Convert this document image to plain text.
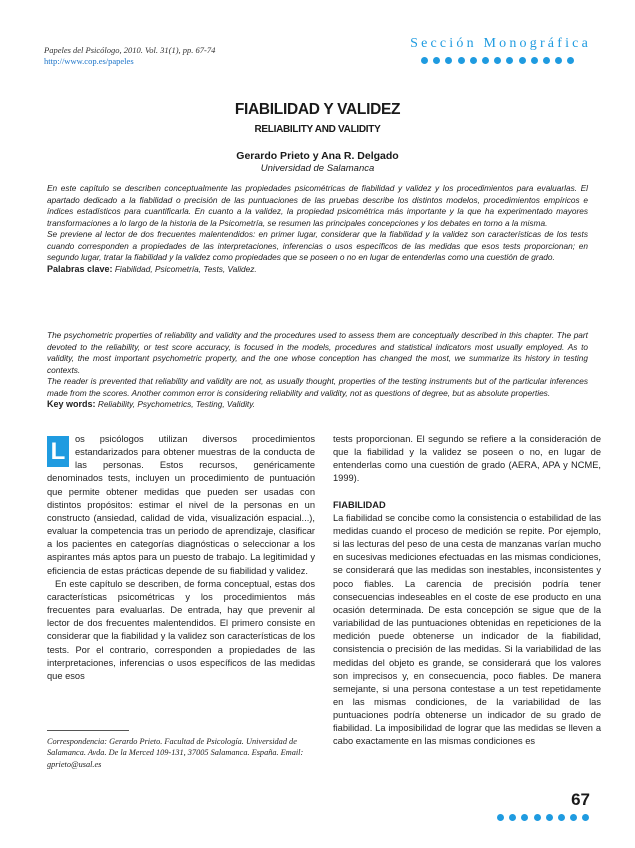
Papeles del Psicólogo, 2010. Vol. 31(1), pp. 67-74
http://www.cop.es/papeles
Sección Monográfica
FIABILIDAD Y VALIDEZ
RELIABILITY AND VALIDITY
Gerardo Prieto y Ana R. Delgado
Universidad de Salamanca

En este capítulo se describen conceptualmente las propiedades psicométricas de fiabilidad y validez y los procedimientos para evaluarlas. El apartado dedicado a la fiabilidad o precisión de las puntuaciones de las pruebas describe los distintos modelos, procedimientos empíricos e índices estadísticos para cuantificarla. En cuanto a la validez, la propiedad psicométrica más importante y la que ha experimentado mayores transformaciones a lo largo de la historia de la Psicometría, se resumen las principales concepciones y los debates en torno a la misma.

Se previene al lector de dos frecuentes malentendidos: en primer lugar, considerar que la fiabilidad y la validez son características de los tests cuando corresponden a propiedades de las interpretaciones, inferencias o usos específicos de las medidas que esos tests proporcionan; en segundo lugar, tratar la fiabilidad y la validez como propiedades que se poseen o no en lugar de entenderlas como una cuestión de grado.

Palabras clave: Fiabilidad, Psicometría, Tests, Validez.

The psychometric properties of reliability and validity and the procedures used to assess them are conceptually described in this chapter. The part devoted to the reliability, or test score accuracy, is focused in the models, procedures and statistical indicators most usually employed. As to validity, the most important psychometric property, and the one whose conception has changed the most, we summarize its history in testing contexts.

The reader is prevented that reliability and validity are not, as usually thought, properties of the testing instruments but of the particular inferences made from the scores. Another common error is considering reliability and validity, not as questions of degree, but as absolute properties.

Key words: Reliability, Psychometrics, Testing, Validity.

L	os psicólogos utilizan diversos procedimientos estandarizados para obtener muestras de la conducta de las personas. Estos recursos, genéricamente denominados tests, incluyen un procedimiento de puntuación que permite obtener medidas que pueden ser usadas con distintos propósitos: estimar el nivel de la personas en un constructo (ansiedad, calidad de vida, visualización espacial...), evaluar la competencia tras un periodo de aprendizaje, clasificar a los pacientes en categorías diagnósticas o seleccionar a los aspirantes más aptos para un puesto de trabajo. La legitimidad y eficiencia de estas prácticas depende de su fiabilidad y validez.

En este capítulo se describen, de forma conceptual, estas dos características psicométricas y los procedimientos más frecuentes para evaluarlas. De entrada, hay que prevenir al lector de dos frecuentes malentendidos. El primero consiste en considerar que la fiabilidad y la validez son características de los tests. Por el contrario, corresponden a propiedades de las interpretaciones, inferencias o usos específicos de las medidas que esos

tests proporcionan. El segundo se refiere a la consideración de que la fiabilidad y la validez se poseen o no, en lugar de entenderlas como una cuestión de grado (AERA, APA y NCME, 1999).

FIABILIDAD

La fiabilidad se concibe como la consistencia o estabilidad de las medidas cuando el proceso de medición se repite. Por ejemplo, si las lecturas del peso de una cesta de manzanas varían mucho en sucesivas mediciones efectuadas en las mismas condiciones, se considerará que las medidas son inestables, inconsistentes y poco fiables. La carencia de precisión podría tener consecuencias indeseables en el coste de ese producto en una ocasión determinada. De esta concepción se sigue que de la variabilidad de las puntuaciones obtenidas en repeticiones de la medición puede obtenerse un indicador de la fiabilidad, consistencia o precisión de las medidas. Si la variabilidad de las medidas del objeto es grande, se considerará que los valores son imprecisos y, en consecuencia, poco fiables. De manera semejante, si una persona contestase a un test repetidamente en las mismas condiciones, de la variabilidad de las puntuaciones podría obtenerse un indicador de su grado de fiabilidad. La imposibilidad de lograr que las medidas se lleven a cabo exactamente en las mismas condiciones es

Correspondencia: Gerardo Prieto. Facultad de Psicología. Universidad de Salamanca. Avda. De la Merced 109-131, 37005 Salamanca. España. Email: gprieto@usal.es
67
